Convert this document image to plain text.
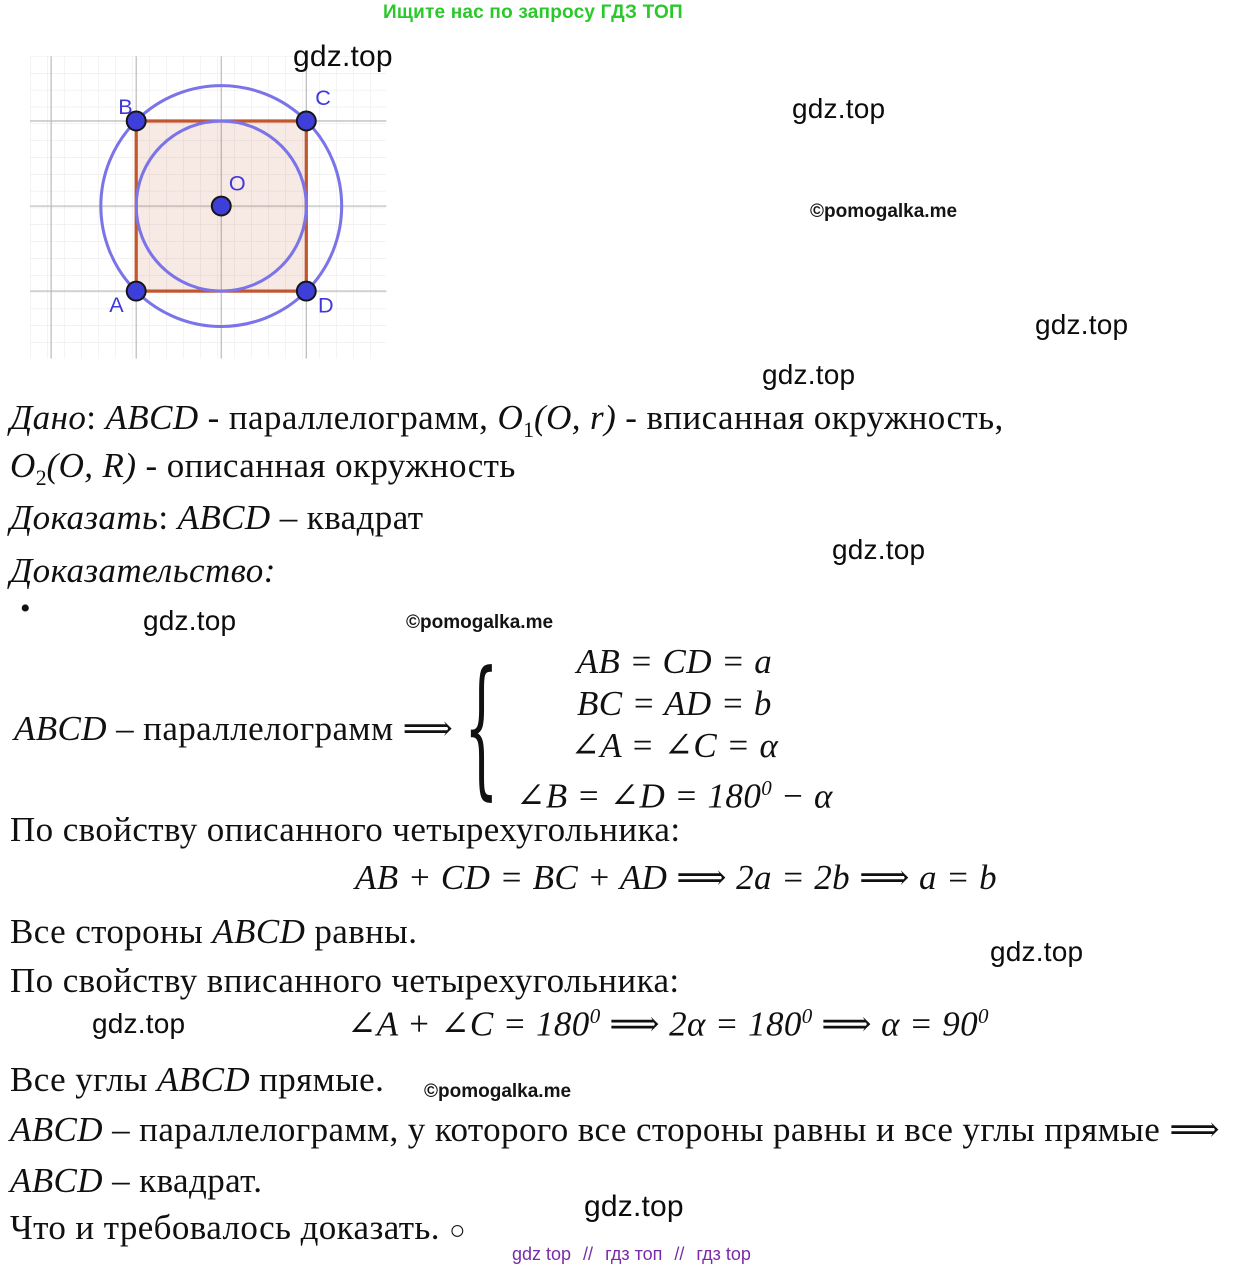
Ищите нас по запросу ГДЗ ТОП
B	C
O
A	D
gdz.top
gdz.top
©pomogalka.me
gdz.top
gdz.top
Дано: ABCD - параллелограмм, $O_1(O$, r) - вписанная окружность,
$O_2(O$, R) - описанная окружность
Доказать: ABCD – квадрат
gdz.top
Доказательство:
•	gdz.top	©pomogalka.me
ABCD – параллелограмм ⟹ { AB = CD = a
BC = AD = b
∠A = ∠C = α
∠B = ∠D = $180^0 - \alpha$
По свойству описанного четырехугольника:
AB + CD = BC + AD ⟹ 2a = 2b ⟹ a = b
Все стороны ABCD равны.
gdz.top
По свойству вписанного четырехугольника:
gdz.top	∠A + ∠C = $180^0$ ⟹ $2\alpha = 180^0$ ⟹ $\alpha = 90^0$
Все углы ABCD прямые. ©pomogalka.me
ABCD – параллелограмм, у которого все стороны равны и все углы прямые ⟹
ABCD – квадрат.
gdz.top
Что и требовалось доказать. ○
gdz top // гдз топ // гдз top
